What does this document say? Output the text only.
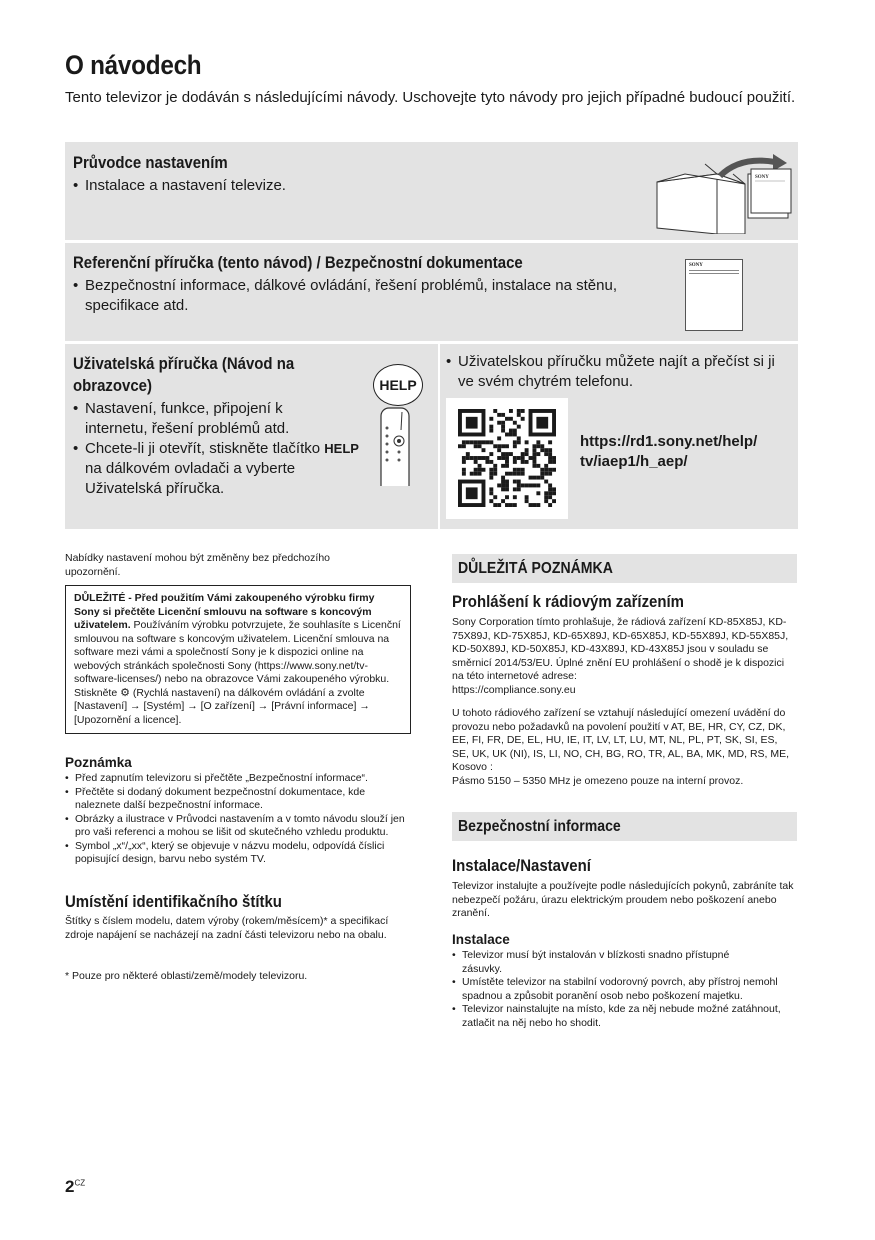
O návodech
Tento televizor je dodáván s následujícími návody. Uschovejte tyto návody pro jejich případné budoucí použití.
Průvodce nastavením
• Instalace a nastavení televize.	SONY
Referenční příručka (tento návod) / Bezpečnostní dokumentace
• Bezpečnostní informace, dálkové ovládání, řešení problémů, instalace na stěnu, specifikace atd.
SONY
Uživatelská příručka (Návod na
obrazovce)
• Nastavení, funkce, připojení k internetu, řešení problémů atd.
• Chcete-li ji otevřít, stiskněte tlačítko HELP na dálkovém ovladači a vyberte Uživatelská příručka.
HELP
• Uživatelskou příručku můžete najít a přečíst si ji ve svém chytrém telefonu.
https://rd1.sony.net/help/
tv/iaep1/h_aep/
Nabídky nastavení mohou být změněny bez předchozího upozornění.
DŮLEŽITÉ - Před použitím Vámi zakoupeného výrobku firmy Sony si přečtěte Licenční smlouvu na software s koncovým uživatelem. Používáním výrobku potvrzujete, že souhlasíte s Licenční smlouvou na software s koncovým uživatelem. Licenční smlouva na software mezi vámi a společností Sony je k dispozici online na webových stránkách společnosti Sony (https://www.sony.net/tv-software-licenses/) nebo na obrazovce Vámi zakoupeného výrobku. Stiskněte ⚙ (Rychlá nastavení) na dálkovém ovládání a zvolte [Nastavení] → [Systém] → [O zařízení] → [Právní informace] → [Upozornění a licence].
Poznámka
• Před zapnutím televizoru si přečtěte „Bezpečnostní informace“.
• Přečtěte si dodaný dokument bezpečnostní dokumentace, kde naleznete další bezpečnostní informace.
• Obrázky a ilustrace v Průvodci nastavením a v tomto návodu slouží jen pro vaši referenci a mohou se lišit od skutečného vzhledu produktu.
• Symbol „x“/„xx“, který se objevuje v názvu modelu, odpovídá číslici popisující design, barvu nebo systém TV.
Umístění identifikačního štítku
Štítky s číslem modelu, datem výroby (rokem/měsícem)* a specifikací zdroje napájení se nacházejí na zadní části televizoru nebo na obalu.
* Pouze pro některé oblasti/země/modely televizoru.
DŮLEŽITÁ POZNÁMKA
Prohlášení k rádiovým zařízením
Sony Corporation tímto prohlašuje, že rádiová zařízení KD-85X85J, KD-75X89J, KD-75X85J, KD-65X89J, KD-65X85J, KD-55X89J, KD-55X85J, KD-50X89J, KD-50X85J, KD-43X89J, KD-43X85J jsou v souladu se směrnicí 2014/53/EU. Úplné znění EU prohlášení o shodě je k dispozici na této internetové adrese:
https://compliance.sony.eu
U tohoto rádiového zařízení se vztahují následující omezení uvádění do provozu nebo požadavků na povolení použití v AT, BE, HR, CY, CZ, DK, EE, FI, FR, DE, EL, HU, IE, IT, LV, LT, LU, MT, NL, PL, PT, SK, SI, ES, SE, UK, UK (NI), IS, LI, NO, CH, BG, RO, TR, AL, BA, MK, MD, RS, ME, Kosovo :
Pásmo 5150 – 5350 MHz je omezeno pouze na interní provoz.
Bezpečnostní informace
Instalace/Nastavení
Televizor instalujte a používejte podle následujících pokynů, zabráníte tak nebezpečí požáru, úrazu elektrickým proudem nebo poškození anebo zranění.
Instalace
• Televizor musí být instalován v blízkosti snadno přístupné zásuvky.
• Umístěte televizor na stabilní vodorovný povrch, aby přístroj nemohl spadnou a způsobit poranění osob nebo poškození majetku.
• Televizor nainstalujte na místo, kde za něj nebude možné zatáhnout, zatlačit na něj nebo ho shodit.
$2^{CZ}$
